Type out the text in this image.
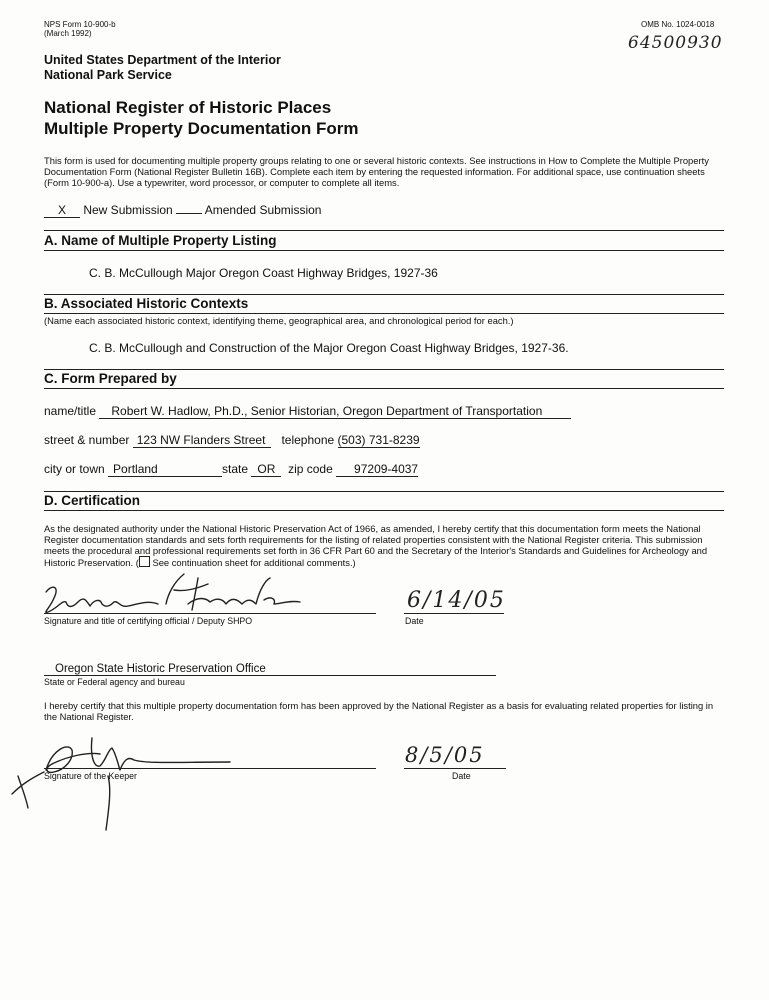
NPS Form 10-900-b
(March 1992)
OMB No. 1024-0018
64500930
United States Department of the Interior
National Park Service
National Register of Historic Places
Multiple Property Documentation Form
This form is used for documenting multiple property groups relating to one or several historic contexts. See instructions in How to Complete the Multiple Property Documentation Form (National Register Bulletin 16B). Complete each item by entering the requested information. For additional space, use continuation sheets (Form 10-900-a). Use a typewriter, word processor, or computer to complete all items.
X New Submission	Amended Submission
A. Name of Multiple Property Listing
C. B. McCullough Major Oregon Coast Highway Bridges, 1927-36
B. Associated Historic Contexts
(Name each associated historic context, identifying theme, geographical area, and chronological period for each.)
C. B. McCullough and Construction of the Major Oregon Coast Highway Bridges, 1927-36.
C. Form Prepared by
name/title Robert W. Hadlow, Ph.D., Senior Historian, Oregon Department of Transportation
street & number 123 NW Flanders Street telephone (503) 731-8239
city or town Portland	state OR zip code 97209-4037
D. Certification
As the designated authority under the National Historic Preservation Act of 1966, as amended, I hereby certify that this documentation form meets the National Register documentation standards and sets forth requirements for the listing of related properties consistent with the National Register criteria. This submission meets the procedural and professional requirements set forth in 36 CFR Part 60 and the Secretary of the Interior's Standards and Guidelines for Archeology and Historic Preservation. ( See continuation sheet for additional comments.)
Signature and title of certifying official / Deputy SHPO
6/14/05
Date
Oregon State Historic Preservation Office
State or Federal agency and bureau
I hereby certify that this multiple property documentation form has been approved by the National Register as a basis for evaluating related properties for listing in the National Register.
Signature of the Keeper
8/5/05
Date
